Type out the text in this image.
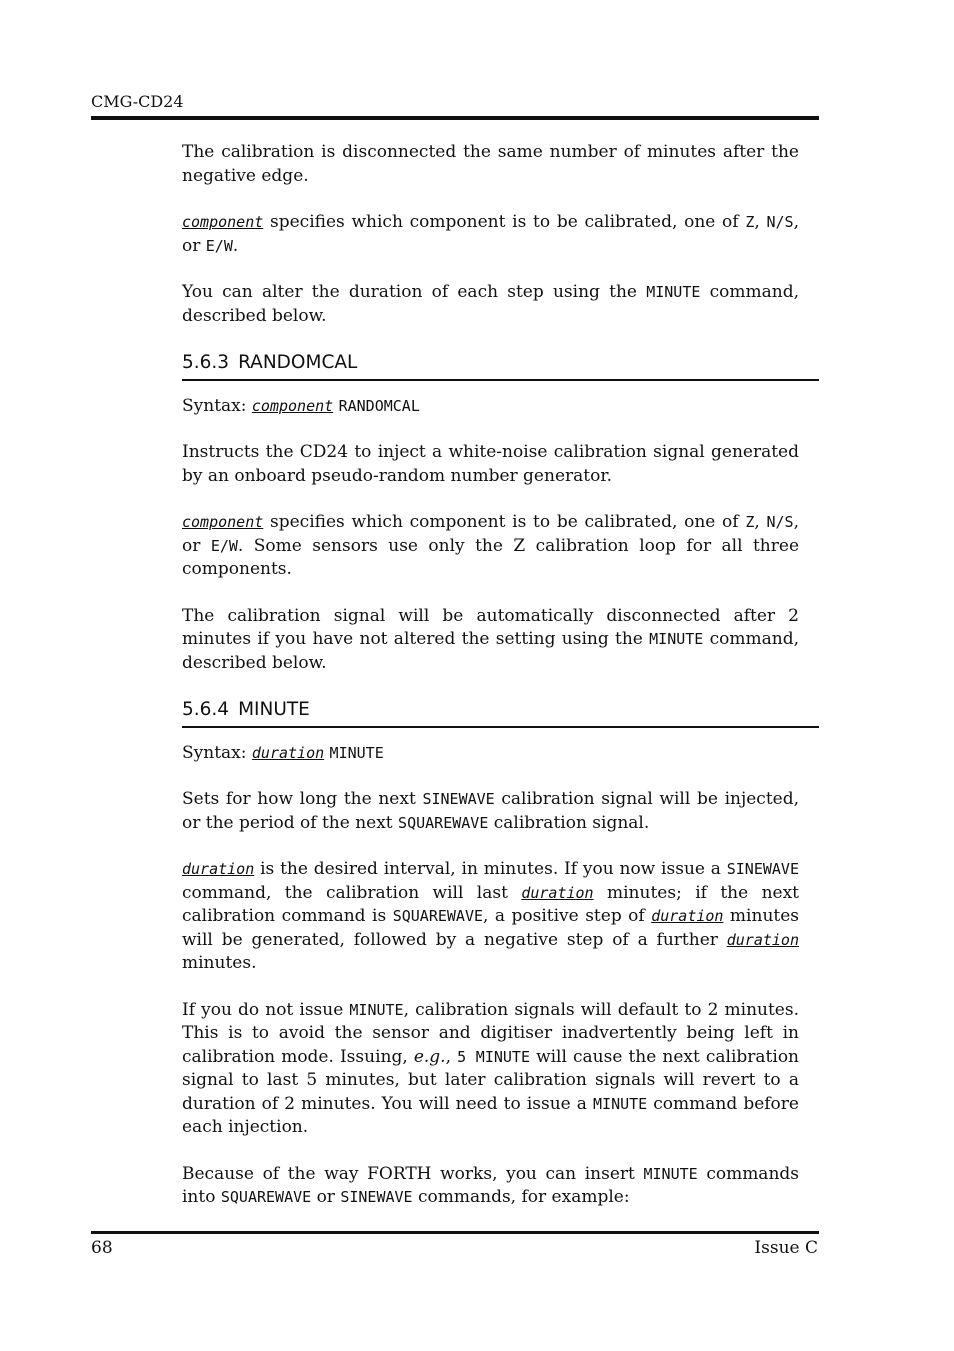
CMG-CD24

The calibration is disconnected the same number of minutes after the negative edge.

component specifies which component is to be calibrated, one of Z, N/S, or E/W.

You can alter the duration of each step using the MINUTE command, described below.

5.6.3 RANDOMCAL

Syntax: component RANDOMCAL

Instructs the CD24 to inject a white-noise calibration signal generated by an onboard pseudo-random number generator.

component specifies which component is to be calibrated, one of Z, N/S, or E/W. Some sensors use only the Z calibration loop for all three components.

The calibration signal will be automatically disconnected after 2 minutes if you have not altered the setting using the MINUTE command, described below.

5.6.4 MINUTE

Syntax: duration MINUTE

Sets for how long the next SINEWAVE calibration signal will be injected, or the period of the next SQUAREWAVE calibration signal.

duration is the desired interval, in minutes. If you now issue a SINEWAVE command, the calibration will last duration minutes; if the next calibration command is SQUAREWAVE, a positive step of duration minutes will be generated, followed by a negative step of a further duration minutes.

If you do not issue MINUTE, calibration signals will default to 2 minutes. This is to avoid the sensor and digitiser inadvertently being left in calibration mode. Issuing, e.g., 5 MINUTE will cause the next calibration signal to last 5 minutes, but later calibration signals will revert to a duration of 2 minutes. You will need to issue a MINUTE command before each injection.

Because of the way FORTH works, you can insert MINUTE commands into SQUAREWAVE or SINEWAVE commands, for example:

68	Issue C
